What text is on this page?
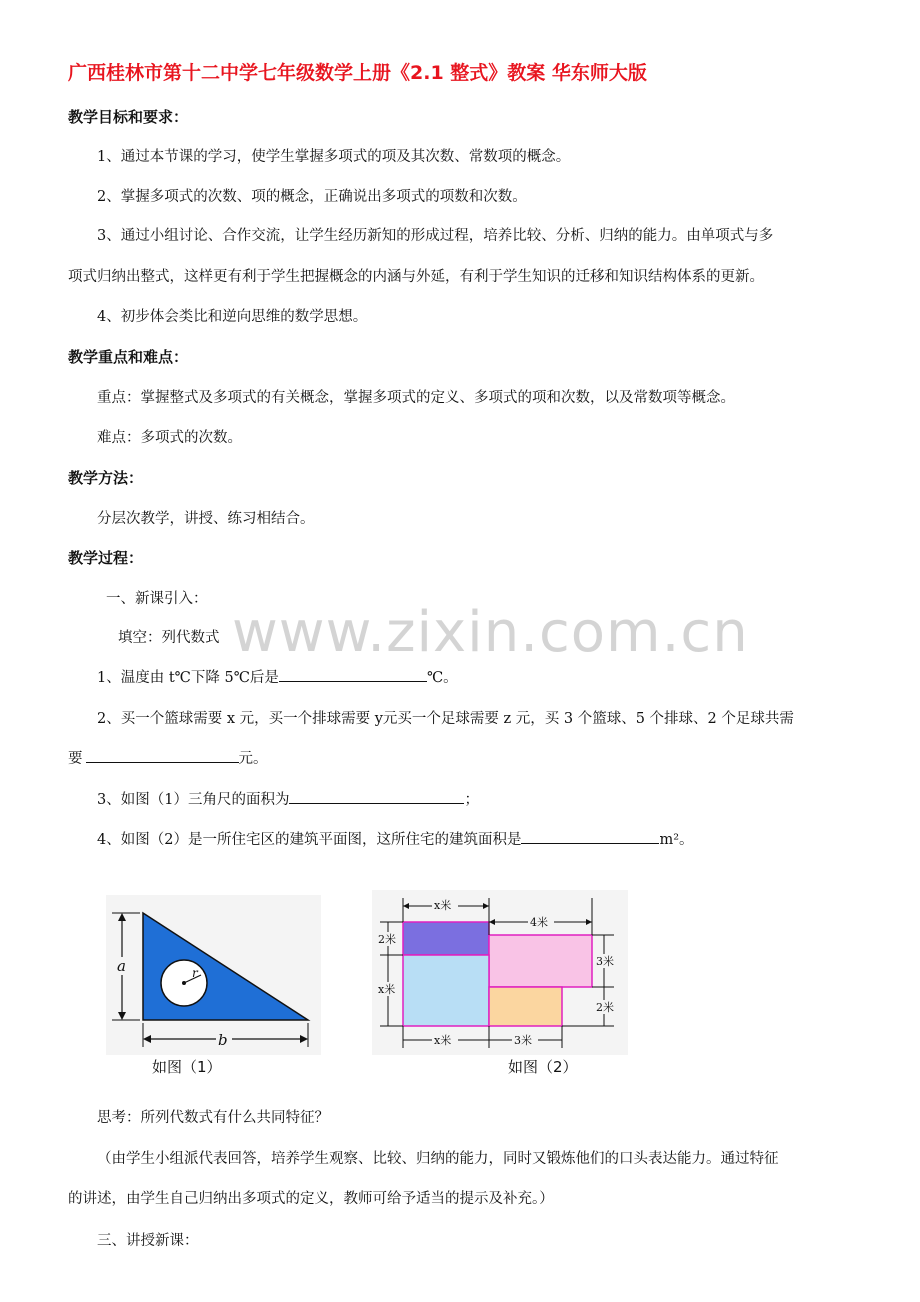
广西桂林市第十二中学七年级数学上册《2.1 整式》教案 华东师大版
教学目标和要求：
1、通过本节课的学习，使学生掌握多项式的项及其次数、常数项的概念。
2、掌握多项式的次数、项的概念，正确说出多项式的项数和次数。
3、通过小组讨论、合作交流，让学生经历新知的形成过程，培养比较、分析、归纳的能力。由单项式与多
项式归纳出整式，这样更有利于学生把握概念的内涵与外延，有利于学生知识的迁移和知识结构体系的更新。
4、初步体会类比和逆向思维的数学思想。
教学重点和难点：
重点：掌握整式及多项式的有关概念，掌握多项式的定义、多项式的项和次数，以及常数项等概念。
难点：多项式的次数。
教学方法：
分层次教学，讲授、练习相结合。
教学过程：
一、新课引入：
www.zixin.com.cn
填空：列代数式
1、温度由 t℃下降 5℃后是	℃。
2、买一个篮球需要 x 元，买一个排球需要 y元买一个足球需要 z 元，买 3 个篮球、5 个排球、2 个足球共需
要	元。
3、如图（1）三角尺的面积为	；
4、如图（2）是一所住宅区的建筑平面图，这所住宅的建筑面积是	m²。
r
a
b
如图（1）
x米
4米
2米
x米
3米
2米
x米	3米
如图（2）
思考：所列代数式有什么共同特征？
（由学生小组派代表回答，培养学生观察、比较、归纳的能力，同时又锻炼他们的口头表达能力。通过特征
的讲述，由学生自己归纳出多项式的定义，教师可给予适当的提示及补充。）
三、讲授新课：
